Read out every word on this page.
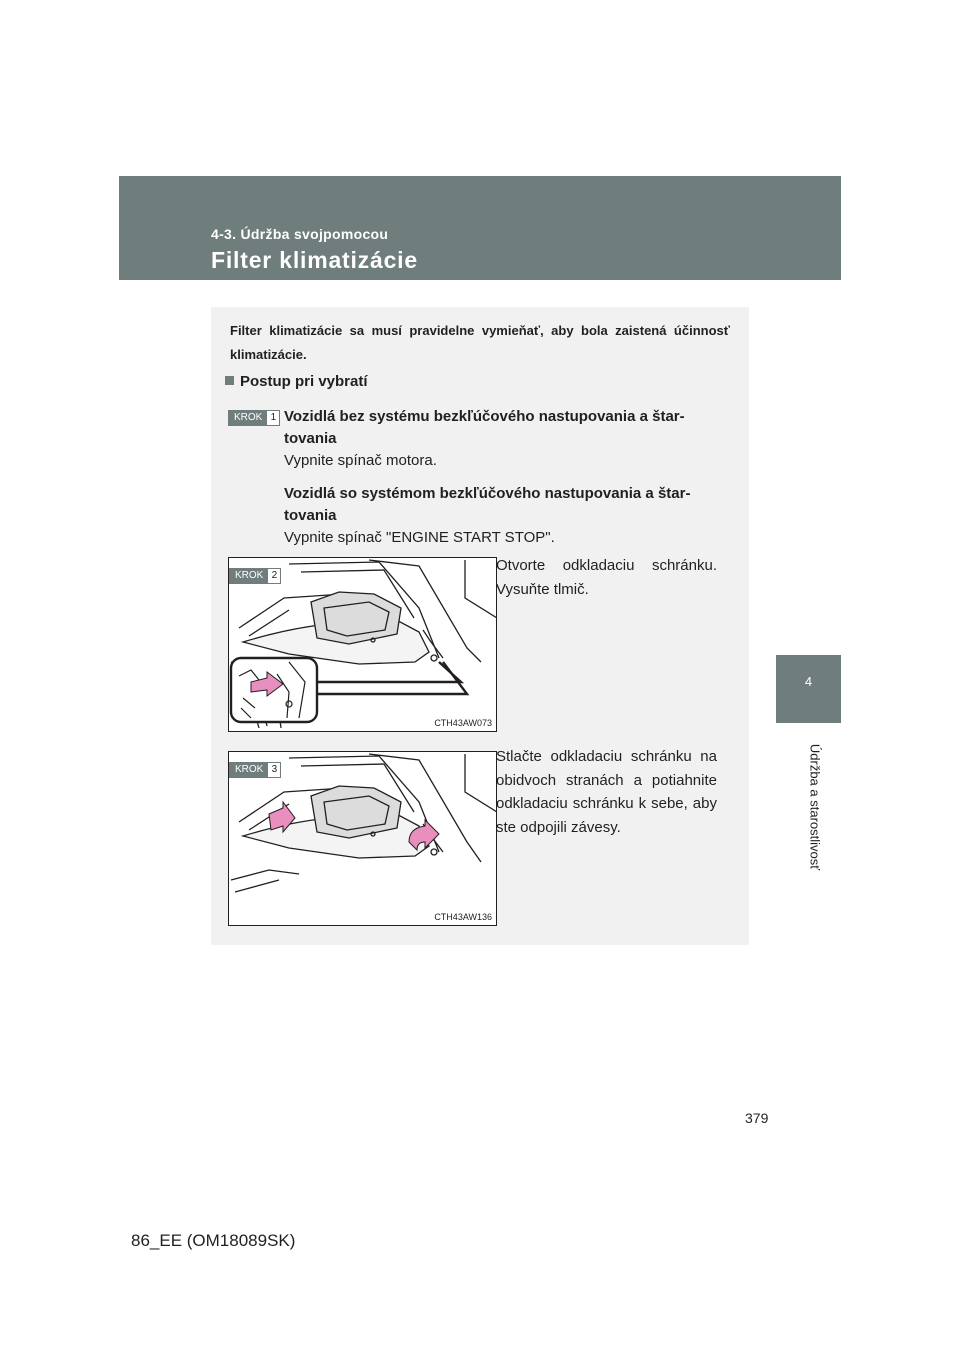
4-3. Údržba svojpomocou
Filter klimatizácie
4
Údržba a starostlivosť
Filter klimatizácie sa musí pravidelne vymieňať, aby bola zaistená účinnosť klimatizácie.
Postup pri vybratí
KROK 1 Vozidlá bez systému bezkľúčového nastupovania a štar-
tovania
Vypnite spínač motora.
Vozidlá so systémom bezkľúčového nastupovania a štar-
tovania
Vypnite spínač "ENGINE START STOP".
KROK 2
CTH43AW073
Otvorte odkladaciu schránku. Vysuňte tlmič.
KROK 3
CTH43AW136
Stlačte odkladaciu schránku na obidvoch stranách a potiahnite odkladaciu schránku k sebe, aby ste odpojili závesy.
379
86_EE (OM18089SK)
